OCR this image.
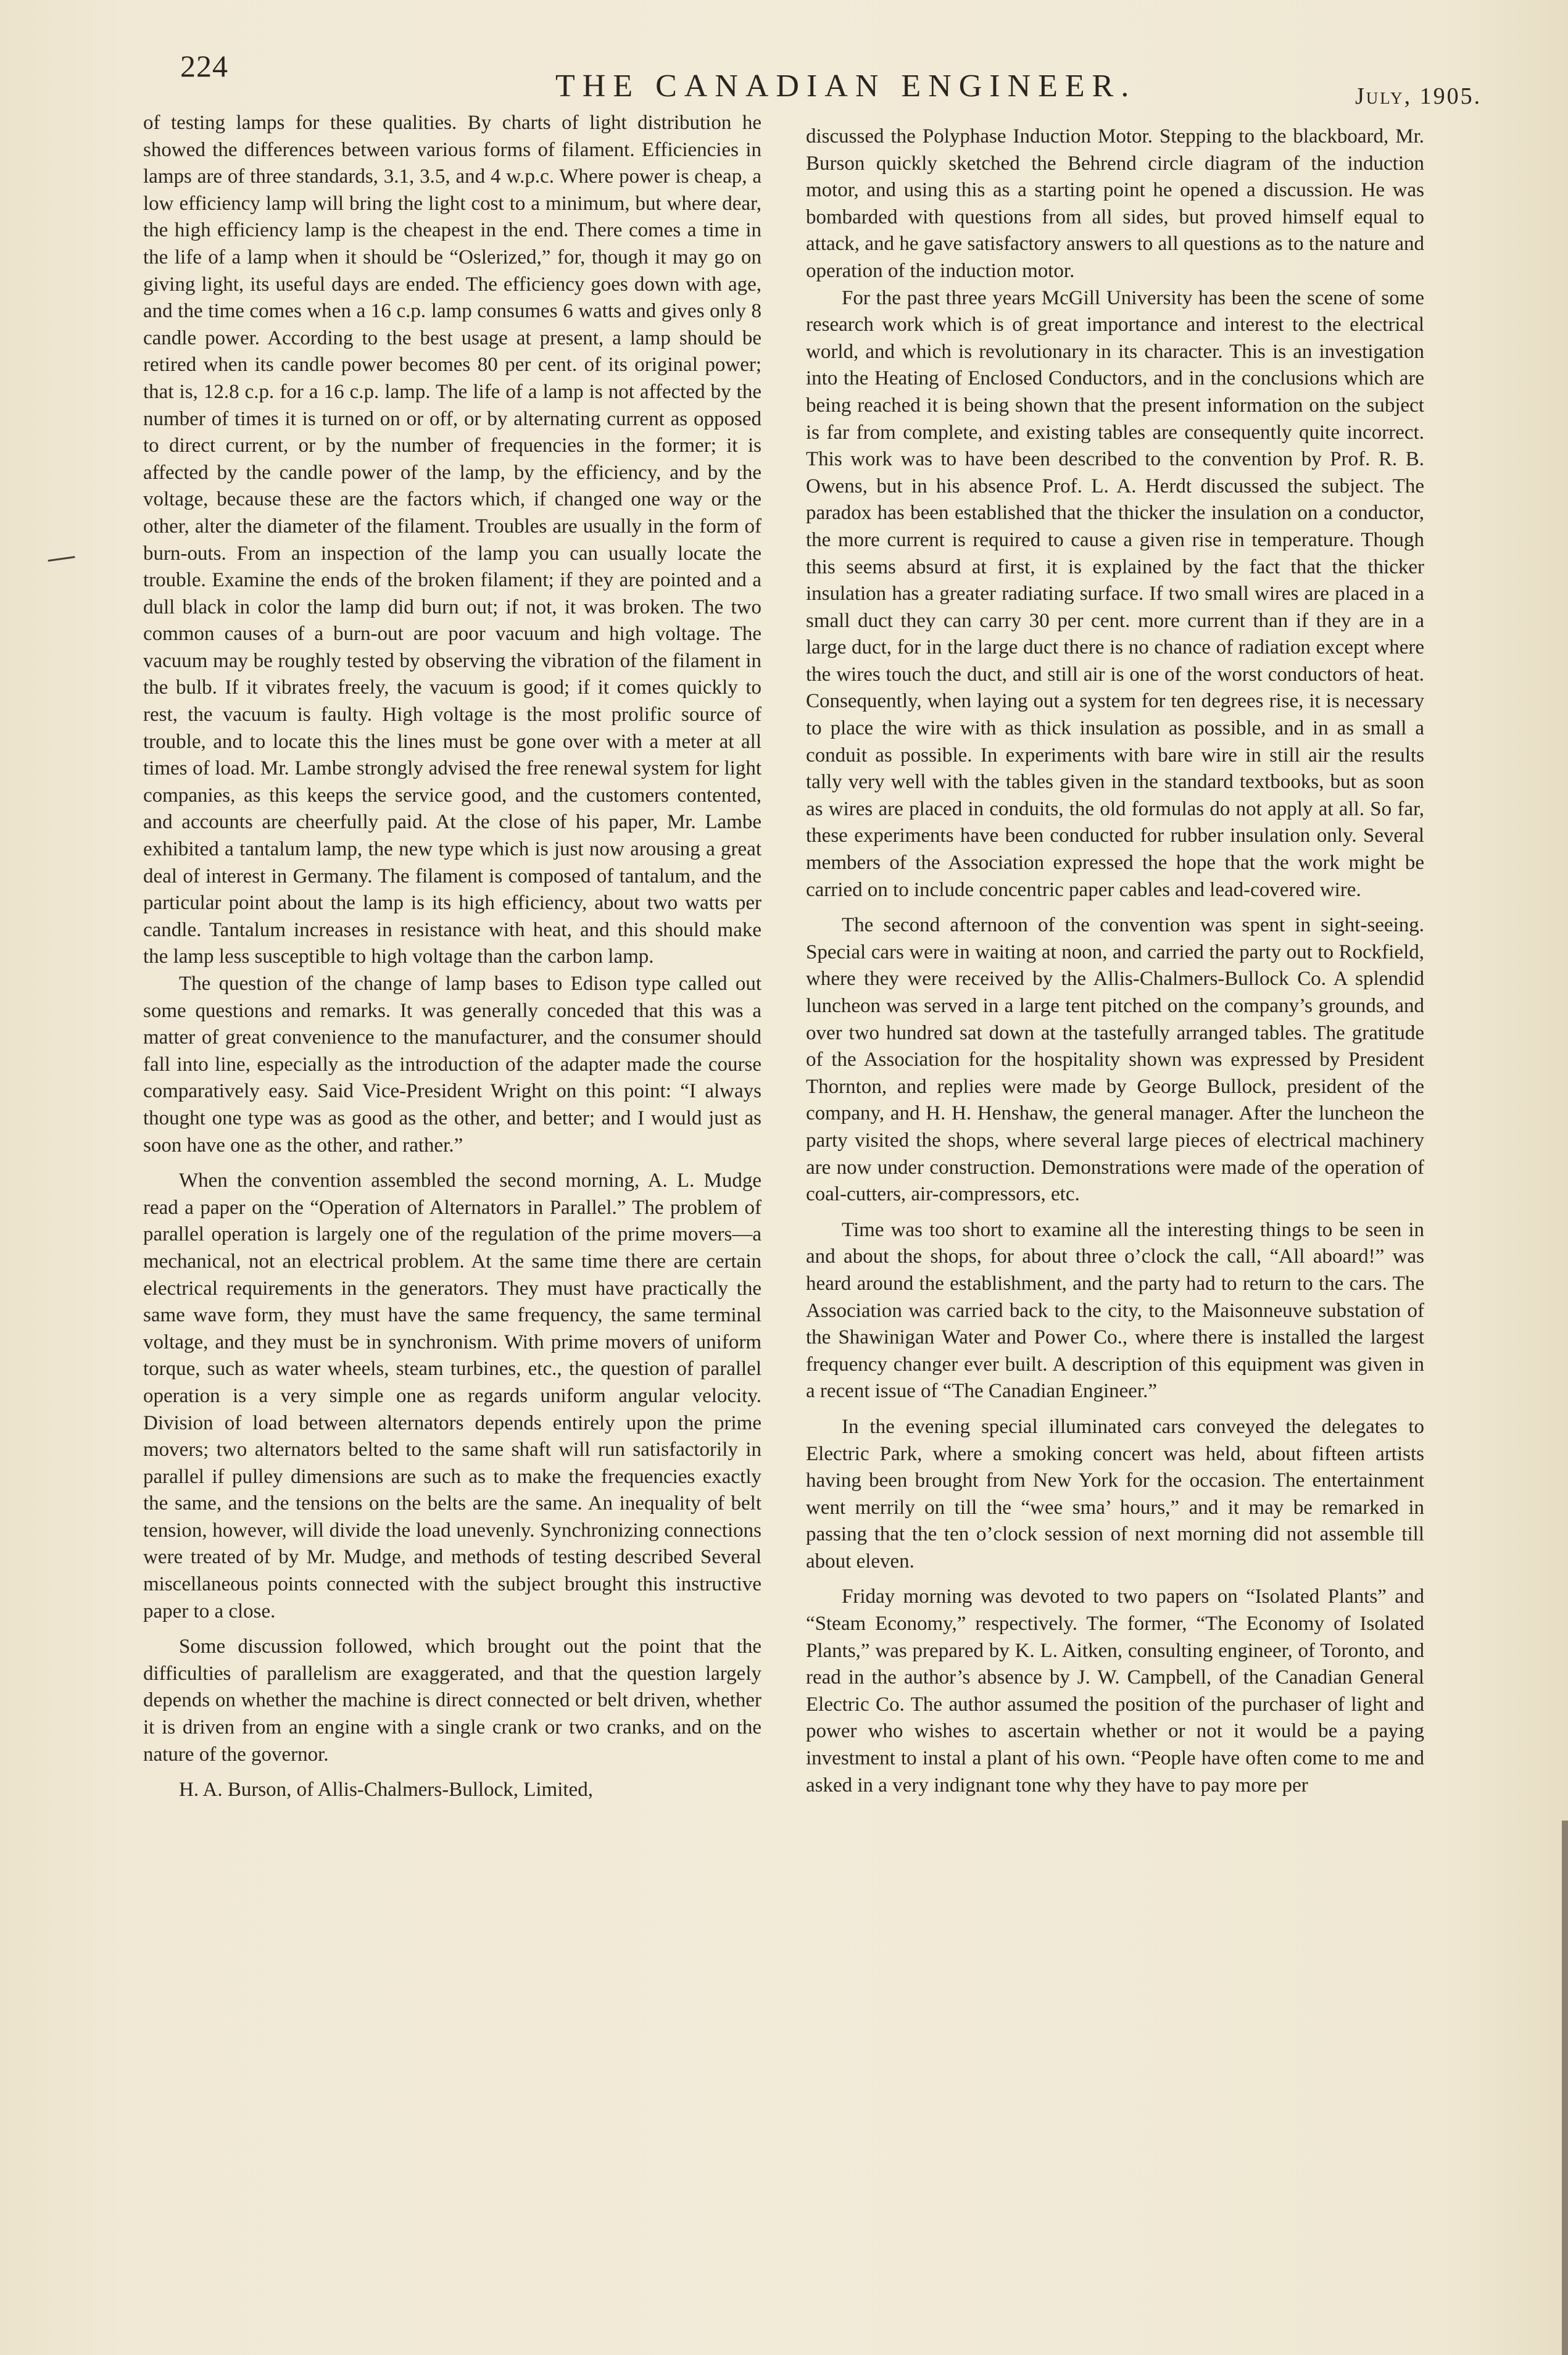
224
THE CANADIAN ENGINEER.	July, 1905.

of testing lamps for these qualities. By charts of light distribution he showed the differences between various forms of filament. Efficiencies in lamps are of three standards, 3.1, 3.5, and 4 w.p.c. Where power is cheap, a low efficiency lamp will bring the light cost to a minimum, but where dear, the high efficiency lamp is the cheapest in the end. There comes a time in the life of a lamp when it should be “Oslerized,” for, though it may go on giving light, its useful days are ended. The efficiency goes down with age, and the time comes when a 16 c.p. lamp consumes 6 watts and gives only 8 candle power. According to the best usage at present, a lamp should be retired when its candle power becomes 80 per cent. of its original power; that is, 12.8 c.p. for a 16 c.p. lamp. The life of a lamp is not affected by the number of times it is turned on or off, or by alternating current as opposed to direct current, or by the number of frequencies in the former; it is affected by the candle power of the lamp, by the efficiency, and by the voltage, because these are the factors which, if changed one way or the other, alter the diameter of the filament. Troubles are usually in the form of burn-outs. From an inspection of the lamp you can usually locate the trouble. Examine the ends of the broken filament; if they are pointed and a dull black in color the lamp did burn out; if not, it was broken. The two common causes of a burn-out are poor vacuum and high voltage. The vacuum may be roughly tested by observing the vibration of the filament in the bulb. If it vibrates freely, the vacuum is good; if it comes quickly to rest, the vacuum is faulty. High voltage is the most prolific source of trouble, and to locate this the lines must be gone over with a meter at all times of load. Mr. Lambe strongly advised the free renewal system for light companies, as this keeps the service good, and the customers contented, and accounts are cheerfully paid. At the close of his paper, Mr. Lambe exhibited a tantalum lamp, the new type which is just now arousing a great deal of interest in Germany. The filament is composed of tantalum, and the particular point about the lamp is its high efficiency, about two watts per candle. Tantalum increases in resistance with heat, and this should make the lamp less susceptible to high voltage than the carbon lamp.

The question of the change of lamp bases to Edison type called out some questions and remarks. It was generally conceded that this was a matter of great convenience to the manufacturer, and the consumer should fall into line, especially as the introduction of the adapter made the course comparatively easy. Said Vice-President Wright on this point: “I always thought one type was as good as the other, and better; and I would just as soon have one as the other, and rather.”

When the convention assembled the second morning, A. L. Mudge read a paper on the “Operation of Alternators in Parallel.” The problem of parallel operation is largely one of the regulation of the prime movers—a mechanical, not an electrical problem. At the same time there are certain electrical requirements in the generators. They must have practically the same wave form, they must have the same frequency, the same terminal voltage, and they must be in synchronism. With prime movers of uniform torque, such as water wheels, steam turbines, etc., the question of parallel operation is a very simple one as regards uniform angular velocity. Division of load between alternators depends entirely upon the prime movers; two alternators belted to the same shaft will run satisfactorily in parallel if pulley dimensions are such as to make the frequencies exactly the same, and the tensions on the belts are the same. An inequality of belt tension, however, will divide the load unevenly. Synchronizing connections were treated of by Mr. Mudge, and methods of testing described Several miscellaneous points connected with the subject brought this instructive paper to a close.

Some discussion followed, which brought out the point that the difficulties of parallelism are exaggerated, and that the question largely depends on whether the machine is direct connected or belt driven, whether it is driven from an engine with a single crank or two cranks, and on the nature of the governor.

H. A. Burson, of Allis-Chalmers-Bullock, Limited,

discussed the Polyphase Induction Motor. Stepping to the blackboard, Mr. Burson quickly sketched the Behrend circle diagram of the induction motor, and using this as a starting point he opened a discussion. He was bombarded with questions from all sides, but proved himself equal to attack, and he gave satisfactory answers to all questions as to the nature and operation of the induction motor.

For the past three years McGill University has been the scene of some research work which is of great importance and interest to the electrical world, and which is revolutionary in its character. This is an investigation into the Heating of Enclosed Conductors, and in the conclusions which are being reached it is being shown that the present information on the subject is far from complete, and existing tables are consequently quite incorrect. This work was to have been described to the convention by Prof. R. B. Owens, but in his absence Prof. L. A. Herdt discussed the subject. The paradox has been established that the thicker the insulation on a conductor, the more current is required to cause a given rise in temperature. Though this seems absurd at first, it is explained by the fact that the thicker insulation has a greater radiating surface. If two small wires are placed in a small duct they can carry 30 per cent. more current than if they are in a large duct, for in the large duct there is no chance of radiation except where the wires touch the duct, and still air is one of the worst conductors of heat. Consequently, when laying out a system for ten degrees rise, it is necessary to place the wire with as thick insulation as possible, and in as small a conduit as possible. In experiments with bare wire in still air the results tally very well with the tables given in the standard textbooks, but as soon as wires are placed in conduits, the old formulas do not apply at all. So far, these experiments have been conducted for rubber insulation only. Several members of the Association expressed the hope that the work might be carried on to include concentric paper cables and lead-covered wire.

The second afternoon of the convention was spent in sight-seeing. Special cars were in waiting at noon, and carried the party out to Rockfield, where they were received by the Allis-Chalmers-Bullock Co. A splendid luncheon was served in a large tent pitched on the company’s grounds, and over two hundred sat down at the tastefully arranged tables. The gratitude of the Association for the hospitality shown was expressed by President Thornton, and replies were made by George Bullock, president of the company, and H. H. Henshaw, the general manager. After the luncheon the party visited the shops, where several large pieces of electrical machinery are now under construction. Demonstrations were made of the operation of coal-cutters, air-compressors, etc.

Time was too short to examine all the interesting things to be seen in and about the shops, for about three o’clock the call, “All aboard!” was heard around the establishment, and the party had to return to the cars. The Association was carried back to the city, to the Maisonneuve substation of the Shawinigan Water and Power Co., where there is installed the largest frequency changer ever built. A description of this equipment was given in a recent issue of “The Canadian Engineer.”

In the evening special illuminated cars conveyed the delegates to Electric Park, where a smoking concert was held, about fifteen artists having been brought from New York for the occasion. The entertainment went merrily on till the “wee sma’ hours,” and it may be remarked in passing that the ten o’clock session of next morning did not assemble till about eleven.

Friday morning was devoted to two papers on “Isolated Plants” and “Steam Economy,” respectively. The former, “The Economy of Isolated Plants,” was prepared by K. L. Aitken, consulting engineer, of Toronto, and read in the author’s absence by J. W. Campbell, of the Canadian General Electric Co. The author assumed the position of the purchaser of light and power who wishes to ascertain whether or not it would be a paying investment to instal a plant of his own. “People have often come to me and asked in a very indignant tone why they have to pay more per
